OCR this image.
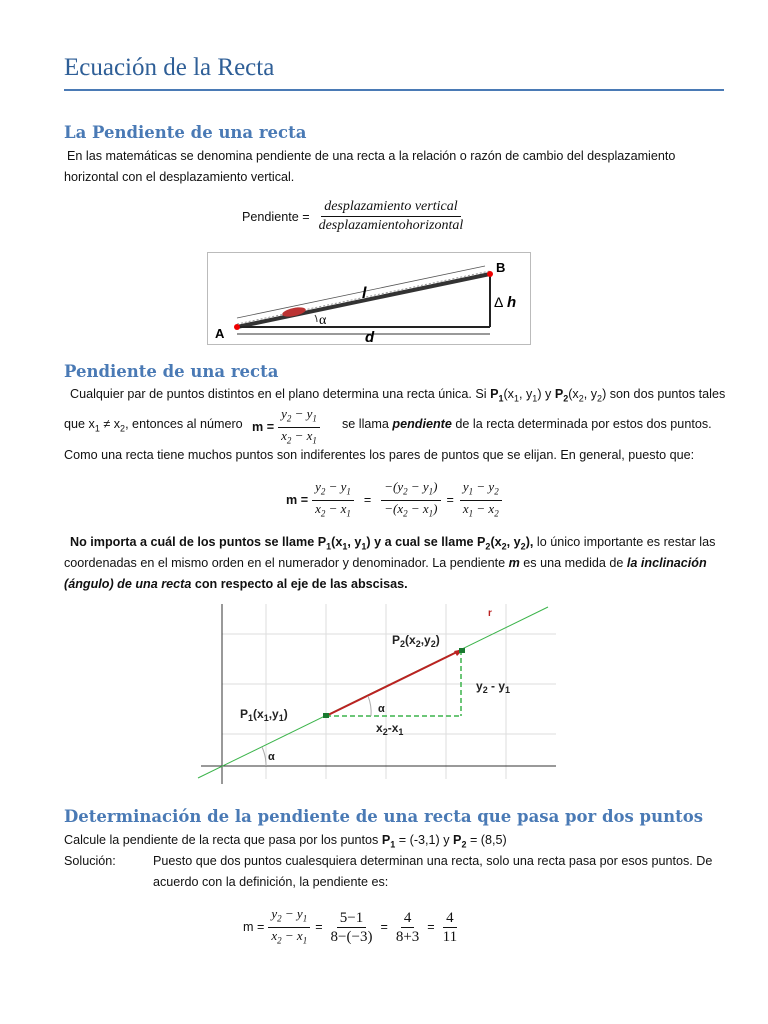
Ecuación de la Recta
La Pendiente de una recta
En las matemáticas se denomina pendiente de una recta a la relación o razón de cambio del desplazamiento
horizontal con el desplazamiento vertical.
Pendiente = $\frac{\text{desplazamiento vertical}}{\text{desplazamientohorizontal}}$
A
B
l
d
α
Δ h
Pendiente de una recta
Cualquier par de puntos distintos en el plano determina una recta única. Si $P_1(x_1$, $y_1$) y $P_2(x_2$, $y_2$) son dos puntos tales
que $x_1 \ne x_2$, entonces al número $m = \frac{y_2 - y_1}{x_2 - x_1}$ se llama pendiente de la recta determinada por estos dos puntos.
Como una recta tiene muchos puntos son indiferentes los pares de puntos que se elijan. En general, puesto que:
$m = \frac{y_2 - y_1}{x_2 - x_1} = \frac{-(y_2 - y_1)}{-(x_2 - x_1)} = \frac{y_1 - y_2}{x_1 - x_2}$
No importa a cuál de los puntos se llame $P_1(x_1$, $y_1$) y a cual se llame $P_2(x_2$, $y_2$), lo único importante es restar las
coordenadas en el mismo orden en el numerador y denominador. La pendiente m es una medida de la inclinación
(ángulo) de una recta con respecto al eje de las abscisas.
r
$P_2(x_2,y_2)$
$P_1(x_1,y_1)$
$y_2 - y_1$
$x_2-x_1$
α
α
Determinación de la pendiente de una recta que pasa por dos puntos
Calcule la pendiente de la recta que pasa por los puntos $P_1 = (-3,1)$ y $P_2 = (8,5)$
Solución:	Puesto que dos puntos cualesquiera determinan una recta, solo una recta pasa por esos puntos. De
acuerdo con la definición, la pendiente es:
$m = \frac{y_2 - y_1}{x_2 - x_1} = \frac{5-1}{8-(-3)} = \frac{4}{8+3} = \frac{4}{11}$
